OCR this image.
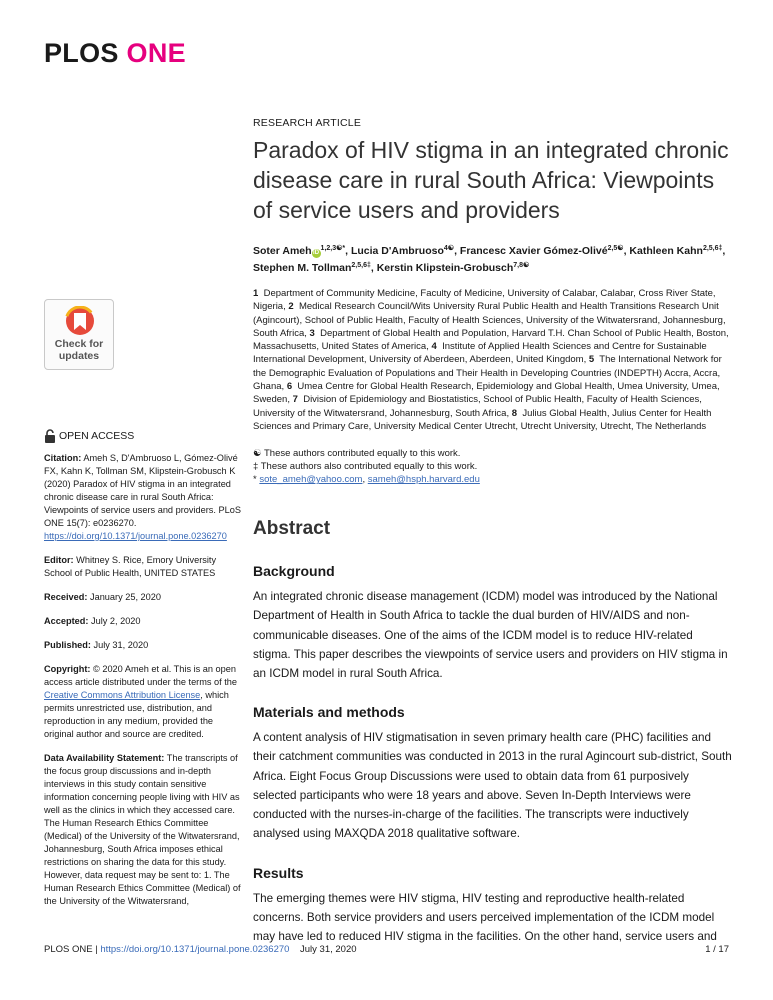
PLOS ONE
Check for
updates
OPEN ACCESS
Citation: Ameh S, D'Ambruoso L, Gómez-Olivé FX, Kahn K, Tollman SM, Klipstein-Grobusch K (2020) Paradox of HIV stigma in an integrated chronic disease care in rural South Africa: Viewpoints of service users and providers. PLoS ONE 15(7): e0236270. https://doi.org/10.1371/journal.pone.0236270
Editor: Whitney S. Rice, Emory University School of Public Health, UNITED STATES
Received: January 25, 2020
Accepted: July 2, 2020
Published: July 31, 2020
Copyright: © 2020 Ameh et al. This is an open access article distributed under the terms of the Creative Commons Attribution License, which permits unrestricted use, distribution, and reproduction in any medium, provided the original author and source are credited.
Data Availability Statement: The transcripts of the focus group discussions and in-depth interviews in this study contain sensitive information concerning people living with HIV as well as the clinics in which they accessed care. The Human Research Ethics Committee (Medical) of the University of the Witwatersrand, Johannesburg, South Africa imposes ethical restrictions on sharing the data for this study. However, data request may be sent to: 1. The Human Research Ethics Committee (Medical) of the University of the Witwatersrand,
RESEARCH ARTICLE
Paradox of HIV stigma in an integrated chronic disease care in rural South Africa: Viewpoints of service users and providers
Soter Ameh $iD^{1,2,3☯*}$, Lucia D'Ambruoso$^{4☯}$, Francesc Xavier Gómez-Olivé$^{2,5☯}$, Kathleen Kahn$^{2,5,6\ddagger}$, Stephen M. Tollman$^{2,5,6\ddagger}$, Kerstin Klipstein-Grobusch$^{7,8☯}$
1 Department of Community Medicine, Faculty of Medicine, University of Calabar, Calabar, Cross River State, Nigeria, 2 Medical Research Council/Wits University Rural Public Health and Health Transitions Research Unit (Agincourt), School of Public Health, Faculty of Health Sciences, University of the Witwatersrand, Johannesburg, South Africa, 3 Department of Global Health and Population, Harvard T.H. Chan School of Public Health, Boston, Massachusetts, United States of America, 4 Institute of Applied Health Sciences and Centre for Sustainable International Development, University of Aberdeen, Aberdeen, United Kingdom, 5 The International Network for the Demographic Evaluation of Populations and Their Health in Developing Countries (INDEPTH) Accra, Accra, Ghana, 6 Umea Centre for Global Health Research, Epidemiology and Global Health, Umea University, Umea, Sweden, 7 Division of Epidemiology and Biostatistics, School of Public Health, Faculty of Health Sciences, University of the Witwatersrand, Johannesburg, South Africa, 8 Julius Global Health, Julius Center for Health Sciences and Primary Care, University Medical Center Utrecht, Utrecht University, Utrecht, The Netherlands
☯ These authors contributed equally to this work.
‡ These authors also contributed equally to this work.
* sote_ameh@yahoo.com, sameh@hsph.harvard.edu
Abstract
Background

An integrated chronic disease management (ICDM) model was introduced by the National Department of Health in South Africa to tackle the dual burden of HIV/AIDS and non-communicable diseases. One of the aims of the ICDM model is to reduce HIV-related stigma. This paper describes the viewpoints of service users and providers on HIV stigma in an ICDM model in rural South Africa.

Materials and methods

A content analysis of HIV stigmatisation in seven primary health care (PHC) facilities and their catchment communities was conducted in 2013 in the rural Agincourt sub-district, South Africa. Eight Focus Group Discussions were used to obtain data from 61 purposively selected participants who were 18 years and above. Seven In-Depth Interviews were conducted with the nurses-in-charge of the facilities. The transcripts were inductively analysed using MAXQDA 2018 qualitative software.

Results

The emerging themes were HIV stigma, HIV testing and reproductive health-related concerns. Both service providers and users perceived implementation of the ICDM model may have led to reduced HIV stigma in the facilities. On the other hand, service users and

PLOS ONE | https://doi.org/10.1371/journal.pone.0236270 July 31, 2020	1 / 17
